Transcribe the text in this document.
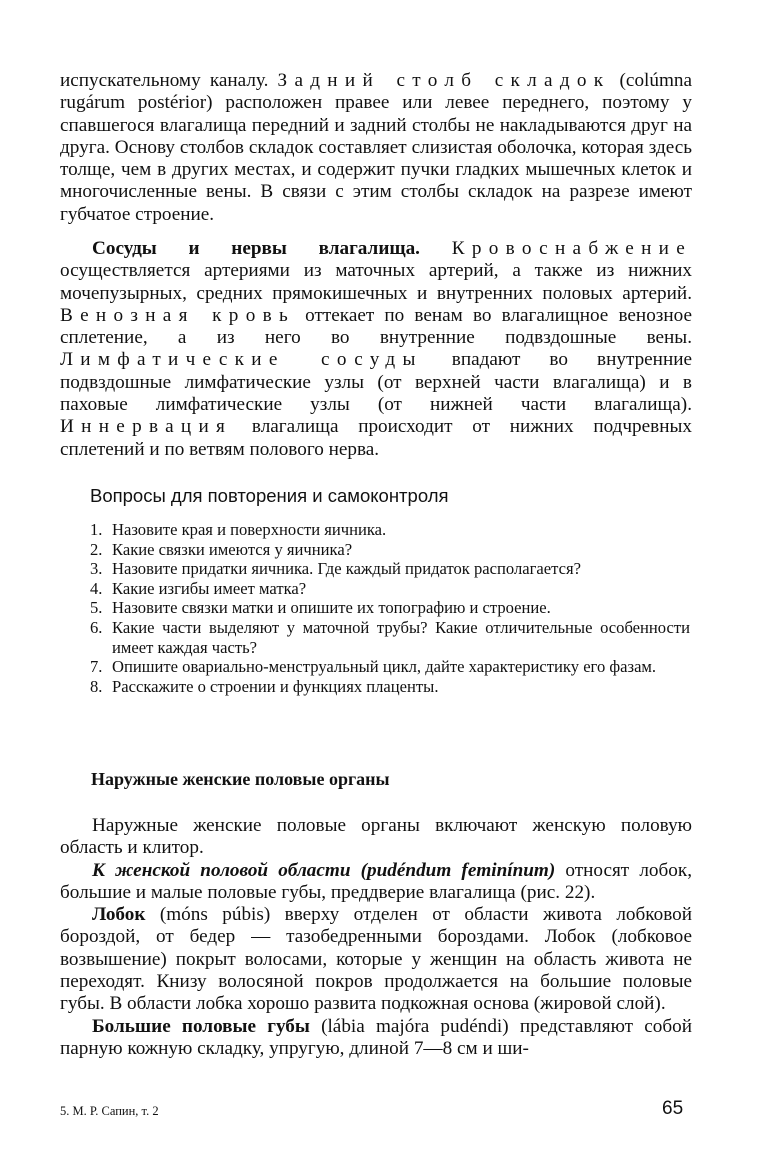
испускательному каналу. Задний столб складок (colúmna rugárum postérior) расположен правее или левее переднего, поэтому у спавшегося влагалища передний и задний столбы не накладываются друг на друга. Основу столбов складок составляет слизистая оболочка, которая здесь толще, чем в других местах, и содержит пучки гладких мышечных клеток и многочисленные вены. В связи с этим столбы складок на разрезе имеют губчатое строение.

Сосуды и нервы влагалища. Кровоснабжение осуществляется артериями из маточных артерий, а также из нижних мочепузырных, средних прямокишечных и внутренних половых артерий. Венозная кровь оттекает по венам во влагалищное венозное сплетение, а из него во внутренние подвздошные вены. Лимфатические сосуды впадают во внутренние подвздошные лимфатические узлы (от верхней части влагалища) и в паховые лимфатические узлы (от нижней части влагалища). Иннервация влагалища происходит от нижних подчревных сплетений и по ветвям полового нерва.

Вопросы для повторения и самоконтроля
1. Назовите края и поверхности яичника.
2. Какие связки имеются у яичника?
3. Назовите придатки яичника. Где каждый придаток располагается?
4. Какие изгибы имеет матка?
5. Назовите связки матки и опишите их топографию и строение.
6. Какие части выделяют у маточной трубы? Какие отличительные особенности имеет каждая часть?
7. Опишите овариально-менструальный цикл, дайте характеристику его фазам.
8. Расскажите о строении и функциях плаценты.
Наружные женские половые органы

Наружные женские половые органы включают женскую половую область и клитор.

К женской половой области (pudéndum feminínum) относят лобок, большие и малые половые губы, преддверие влагалища (рис. 22).

Лобок (móns púbis) вверху отделен от области живота лобковой бороздой, от бедер — тазобедренными бороздами. Лобок (лобковое возвышение) покрыт волосами, которые у женщин на область живота не переходят. Книзу волосяной покров продолжается на большие половые губы. В области лобка хорошо развита подкожная основа (жировой слой).

Большие половые губы (lábia majóra pudéndi) представляют собой парную кожную складку, упругую, длиной 7—8 см и ши-

5. М. Р. Сапин, т. 2	65
